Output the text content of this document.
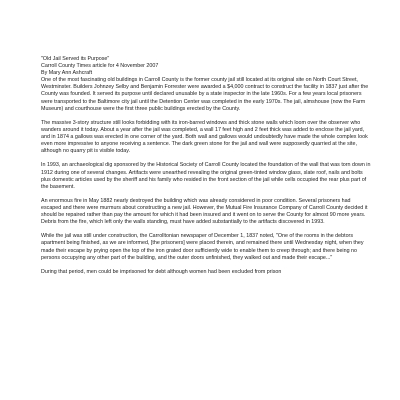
"Old Jail Served its Purpose"
Carroll County Times article for 4 November 2007
By Mary Ann Ashcraft

One of the most fascinating old buildings in Carroll County is the former county jail still located at its original site on North Court Street, Westminster. Builders Johnzey Selby and Benjamin Forrester were awarded a $4,000 contract to construct the facility in 1837 just after the County was founded. It served its purpose until declared unusable by a state inspector in the late 1960s. For a few years local prisoners were transported to the Baltimore city jail until the Detention Center was completed in the early 1970s. The jail, almshouse (now the Farm Museum) and courthouse were the first three public buildings erected by the County.

The massive 3-story structure still looks forbidding with its iron-barred windows and thick stone walls which loom over the observer who wanders around it today. About a year after the jail was completed, a wall 17 feet high and 2 feet thick was added to enclose the jail yard, and in 1874 a gallows was erected in one corner of the yard. Both wall and gallows would undoubtedly have made the whole complex look even more impressive to anyone receiving a sentence. The dark green stone for the jail and wall were supposedly quarried at the site, although no quarry pit is visible today.

In 1993, an archaeological dig sponsored by the Historical Society of Carroll County located the foundation of the wall that was torn down in 1912 during one of several changes. Artifacts were unearthed revealing the original green-tinted window glass, slate roof, nails and bolts plus domestic articles used by the sheriff and his family who resided in the front section of the jail while cells occupied the rear plus part of the basement.

An enormous fire in May 1882 nearly destroyed the building which was already considered in poor condition. Several prisoners had escaped and there were murmurs about constructing a new jail. However, the Mutual Fire Insurance Company of Carroll County decided it should be repaired rather than pay the amount for which it had been insured and it went on to serve the County for almost 90 more years. Debris from the fire, which left only the walls standing, must have added substantially to the artifacts discovered in 1993.

While the jail was still under construction, the Carrolltonian newspaper of December 1, 1837 noted, "One of the rooms in the debtors apartment being finished, as we are informed, [the prisoners] were placed therein, and remained there until Wednesday night, when they made their escape by prying open the top of the iron grated door sufficiently wide to enable them to creep through; and there being no persons occupying any other part of the building, and the outer doors unfinished, they walked out and made their escape..."

During that period, men could be imprisoned for debt although women had been excluded from prison
